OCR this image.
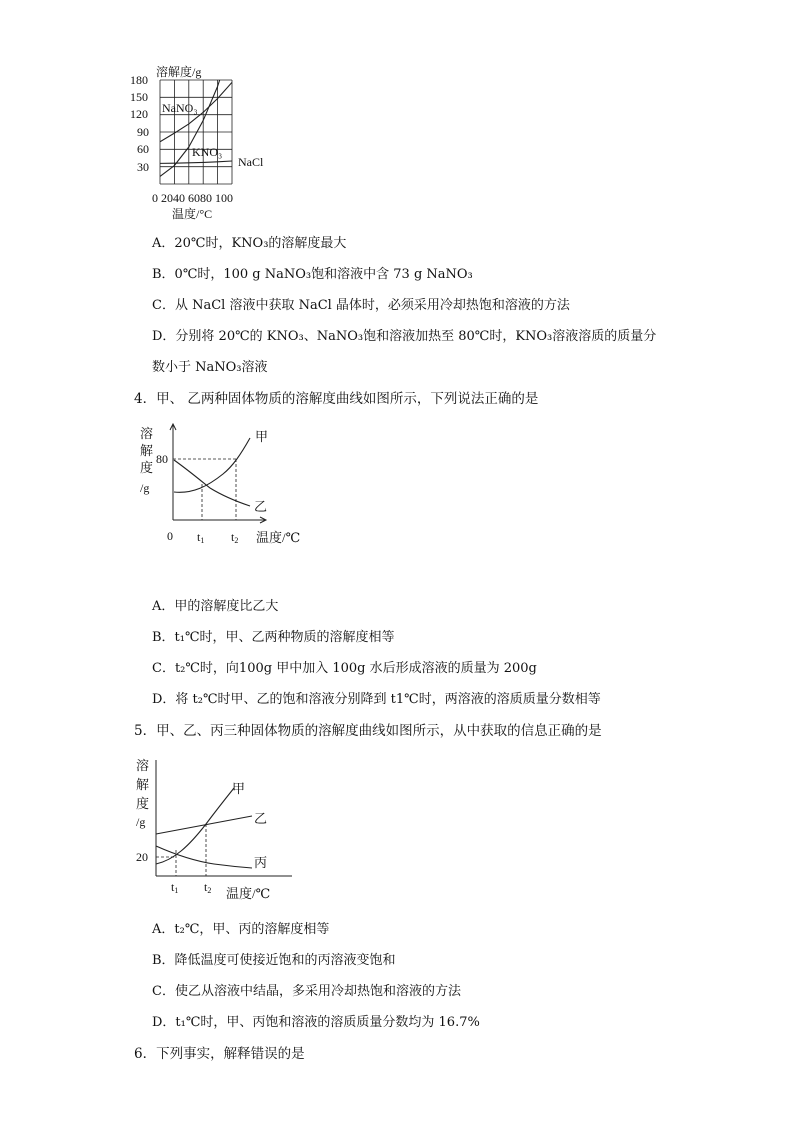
溶解度/g
180
150
120
90
60
30
0 2040 6080 100
温度/°C
NaNO₃
KNO₃
NaCl
A．20℃时，KNO₃的溶解度最大
B．0℃时，100 g NaNO₃饱和溶液中含 73 g NaNO₃
C．从 NaCl 溶液中获取 NaCl 晶体时，必须采用冷却热饱和溶液的方法
D．分别将 20℃的 KNO₃、NaNO₃饱和溶液加热至 80℃时，KNO₃溶液溶质的质量分
数小于 NaNO₃溶液
4．甲、 乙两种固体物质的溶解度曲线如图所示，下列说法正确的是
溶
解
度
/g
80
甲
乙
0 t1 t2 温度/℃
A．甲的溶解度比乙大
B．t₁℃时，甲、乙两种物质的溶解度相等
C．t₂℃时，向100g 甲中加入 100g 水后形成溶液的质量为 200g
D．将 t₂℃时甲、乙的饱和溶液分别降到 t1℃时，两溶液的溶质质量分数相等
5．甲、乙、丙三种固体物质的溶解度曲线如图所示，从中获取的信息正确的是
溶
解
度
/g
甲
乙
丙
20
t1 t2 温度/℃
A．t₂℃，甲、丙的溶解度相等
B．降低温度可使接近饱和的丙溶液变饱和
C．使乙从溶液中结晶，多采用冷却热饱和溶液的方法
D．t₁℃时，甲、丙饱和溶液的溶质质量分数均为 16.7%
6．下列事实，解释错误的是
